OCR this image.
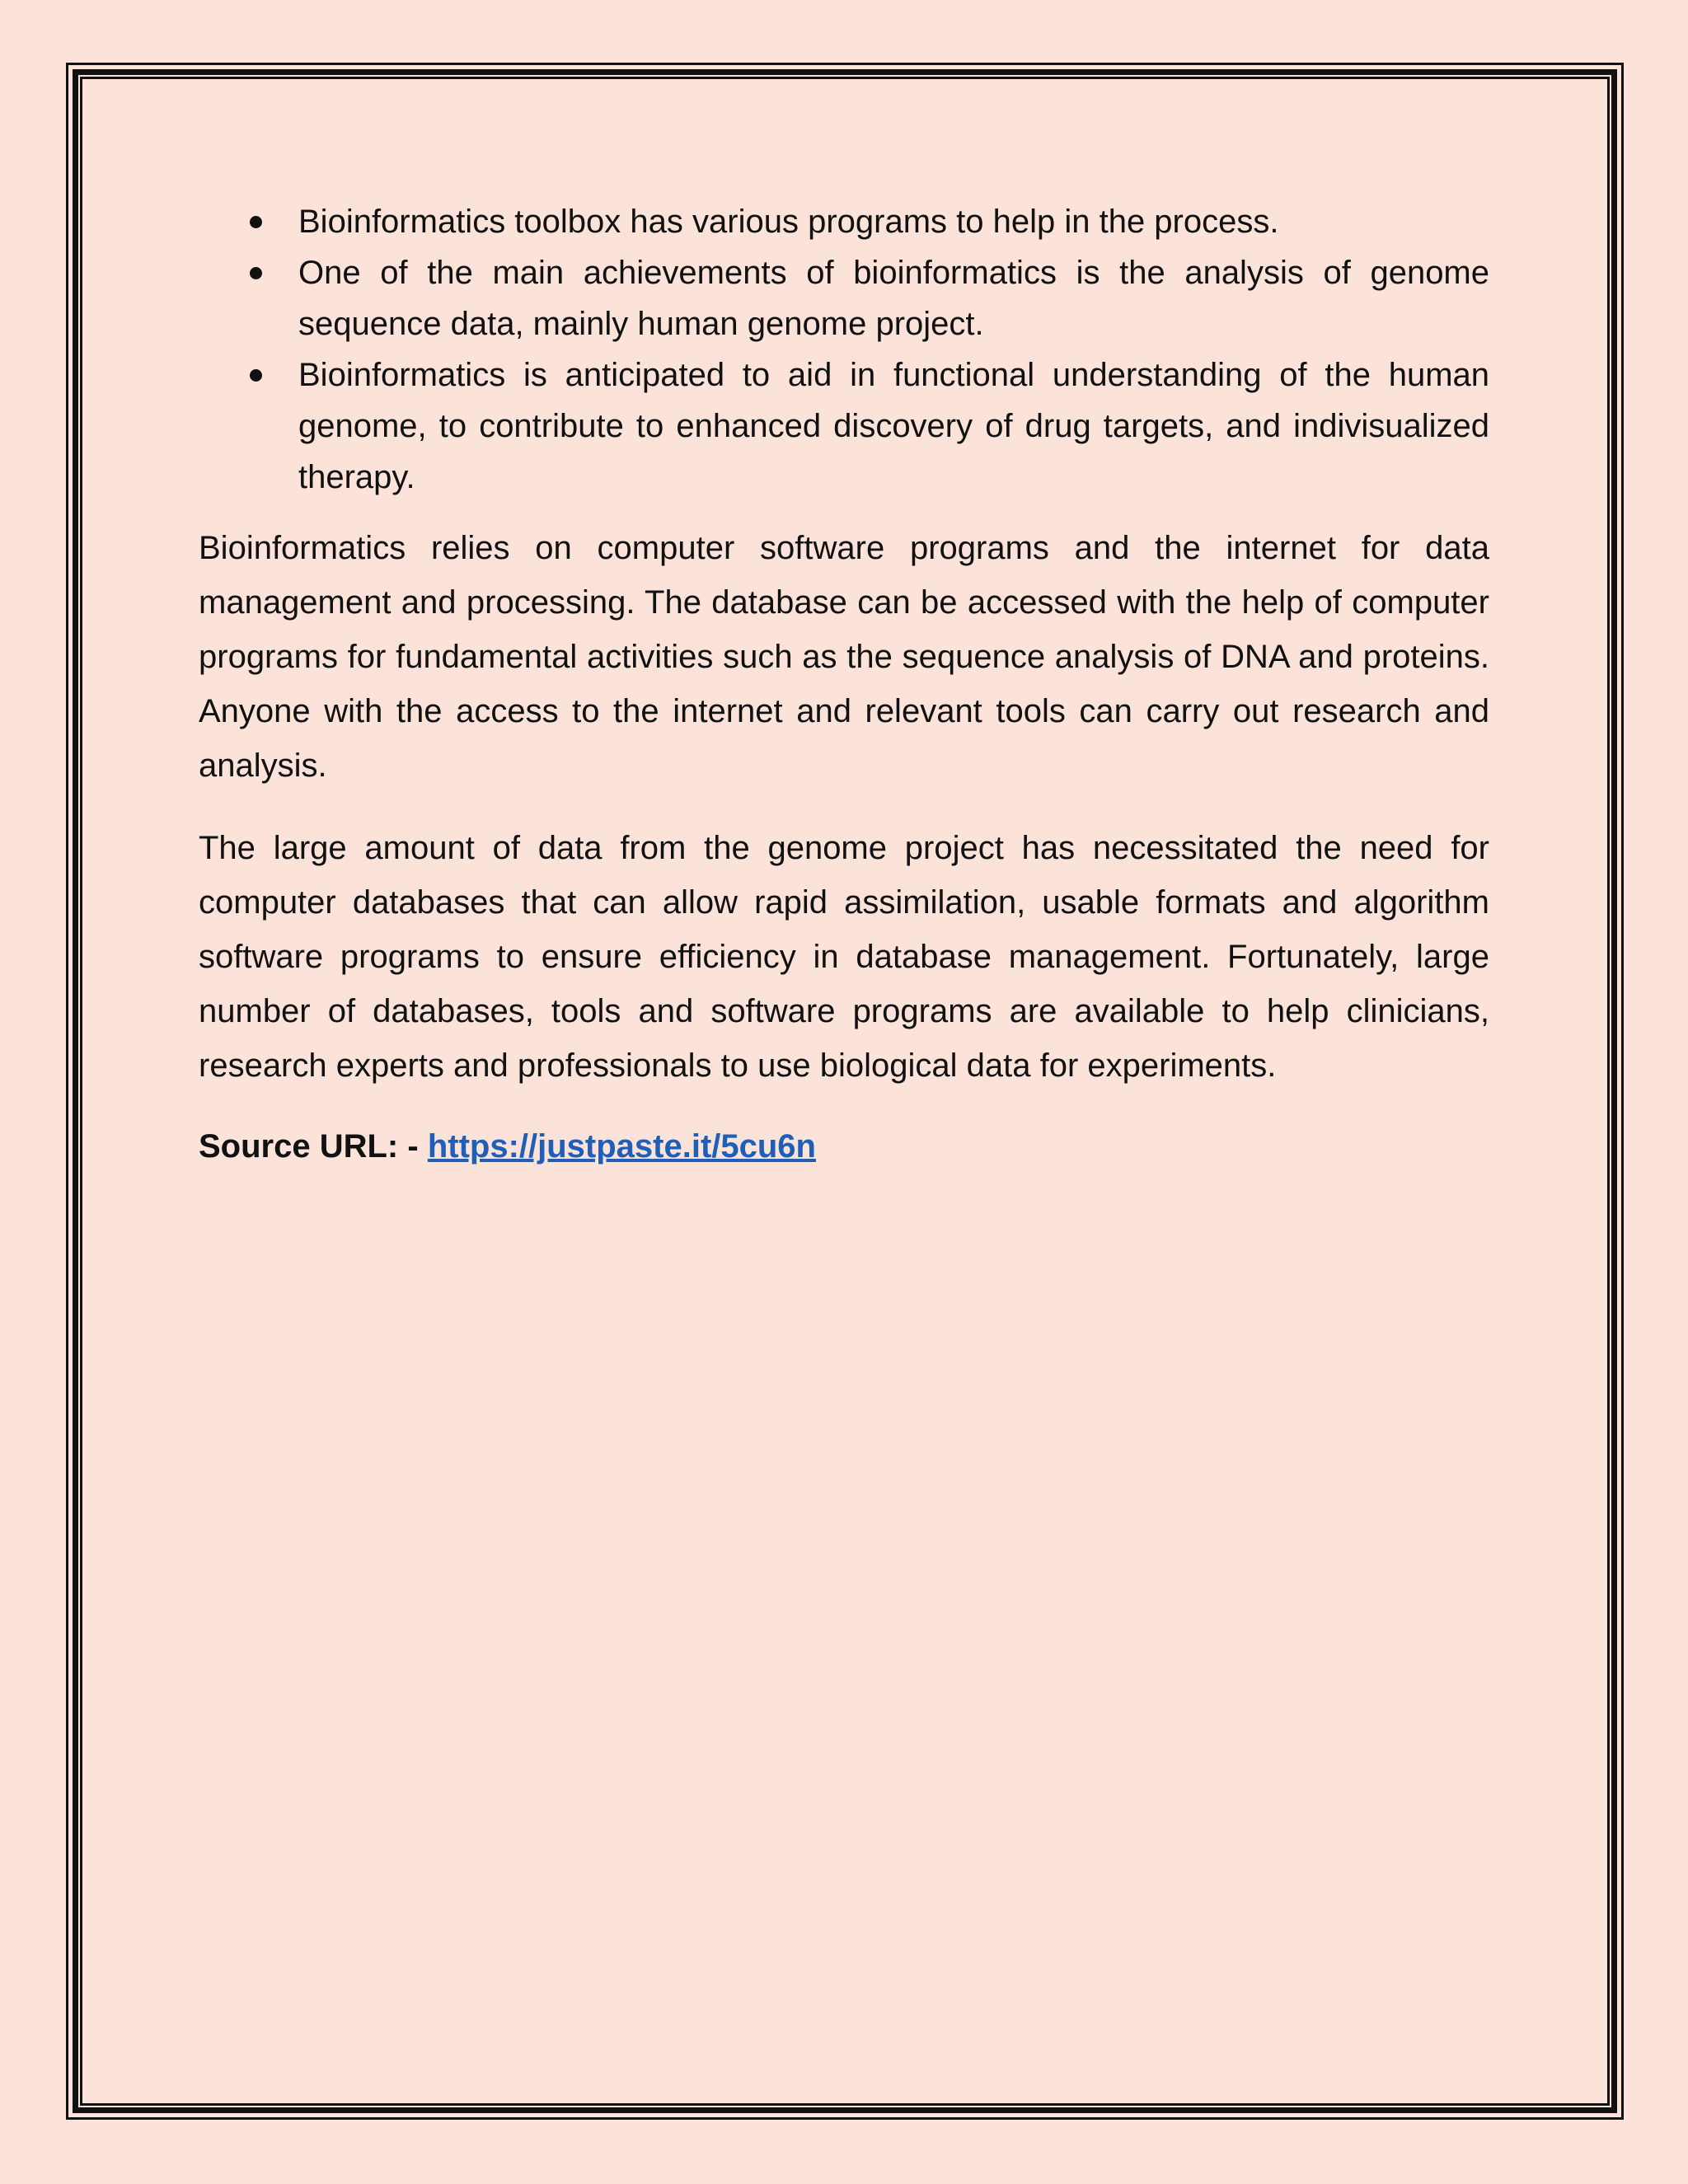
Bioinformatics toolbox has various programs to help in the process.
One of the main achievements of bioinformatics is the analysis of genome sequence data, mainly human genome project.
Bioinformatics is anticipated to aid in functional understanding of the human genome, to contribute to enhanced discovery of drug targets, and indivisualized therapy.

Bioinformatics relies on computer software programs and the internet for data management and processing. The database can be accessed with the help of computer programs for fundamental activities such as the sequence analysis of DNA and proteins. Anyone with the access to the internet and relevant tools can carry out research and analysis.

The large amount of data from the genome project has necessitated the need for computer databases that can allow rapid assimilation, usable formats and algorithm software programs to ensure efficiency in database management. Fortunately, large number of databases, tools and software programs are available to help clinicians, research experts and professionals to use biological data for experiments.

Source URL: - https://justpaste.it/5cu6n
